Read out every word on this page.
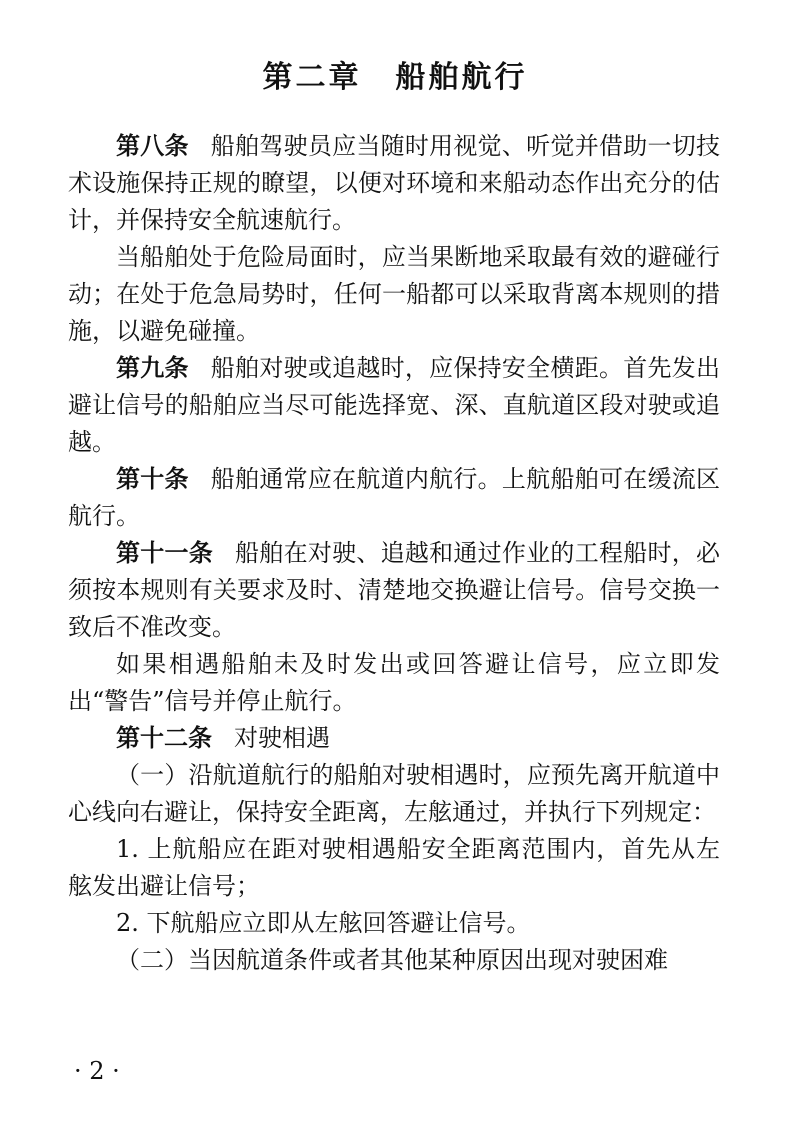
第二章 船舶航行

第八条 船舶驾驶员应当随时用视觉、听觉并借助一切技术设施保持正规的瞭望，以便对环境和来船动态作出充分的估计，并保持安全航速航行。

当船舶处于危险局面时，应当果断地采取最有效的避碰行动；在处于危急局势时，任何一船都可以采取背离本规则的措施，以避免碰撞。

第九条 船舶对驶或追越时，应保持安全横距。首先发出避让信号的船舶应当尽可能选择宽、深、直航道区段对驶或追越。

第十条 船舶通常应在航道内航行。上航船舶可在缓流区航行。

第十一条 船舶在对驶、追越和通过作业的工程船时，必须按本规则有关要求及时、清楚地交换避让信号。信号交换一致后不准改变。

如果相遇船舶未及时发出或回答避让信号，应立即发出“警告”信号并停止航行。

第十二条 对驶相遇

（一）沿航道航行的船舶对驶相遇时，应预先离开航道中心线向右避让，保持安全距离，左舷通过，并执行下列规定：

1. 上航船应在距对驶相遇船安全距离范围内，首先从左舷发出避让信号；

2. 下航船应立即从左舷回答避让信号。

（二）当因航道条件或者其他某种原因出现对驶困难

· 2 ·
